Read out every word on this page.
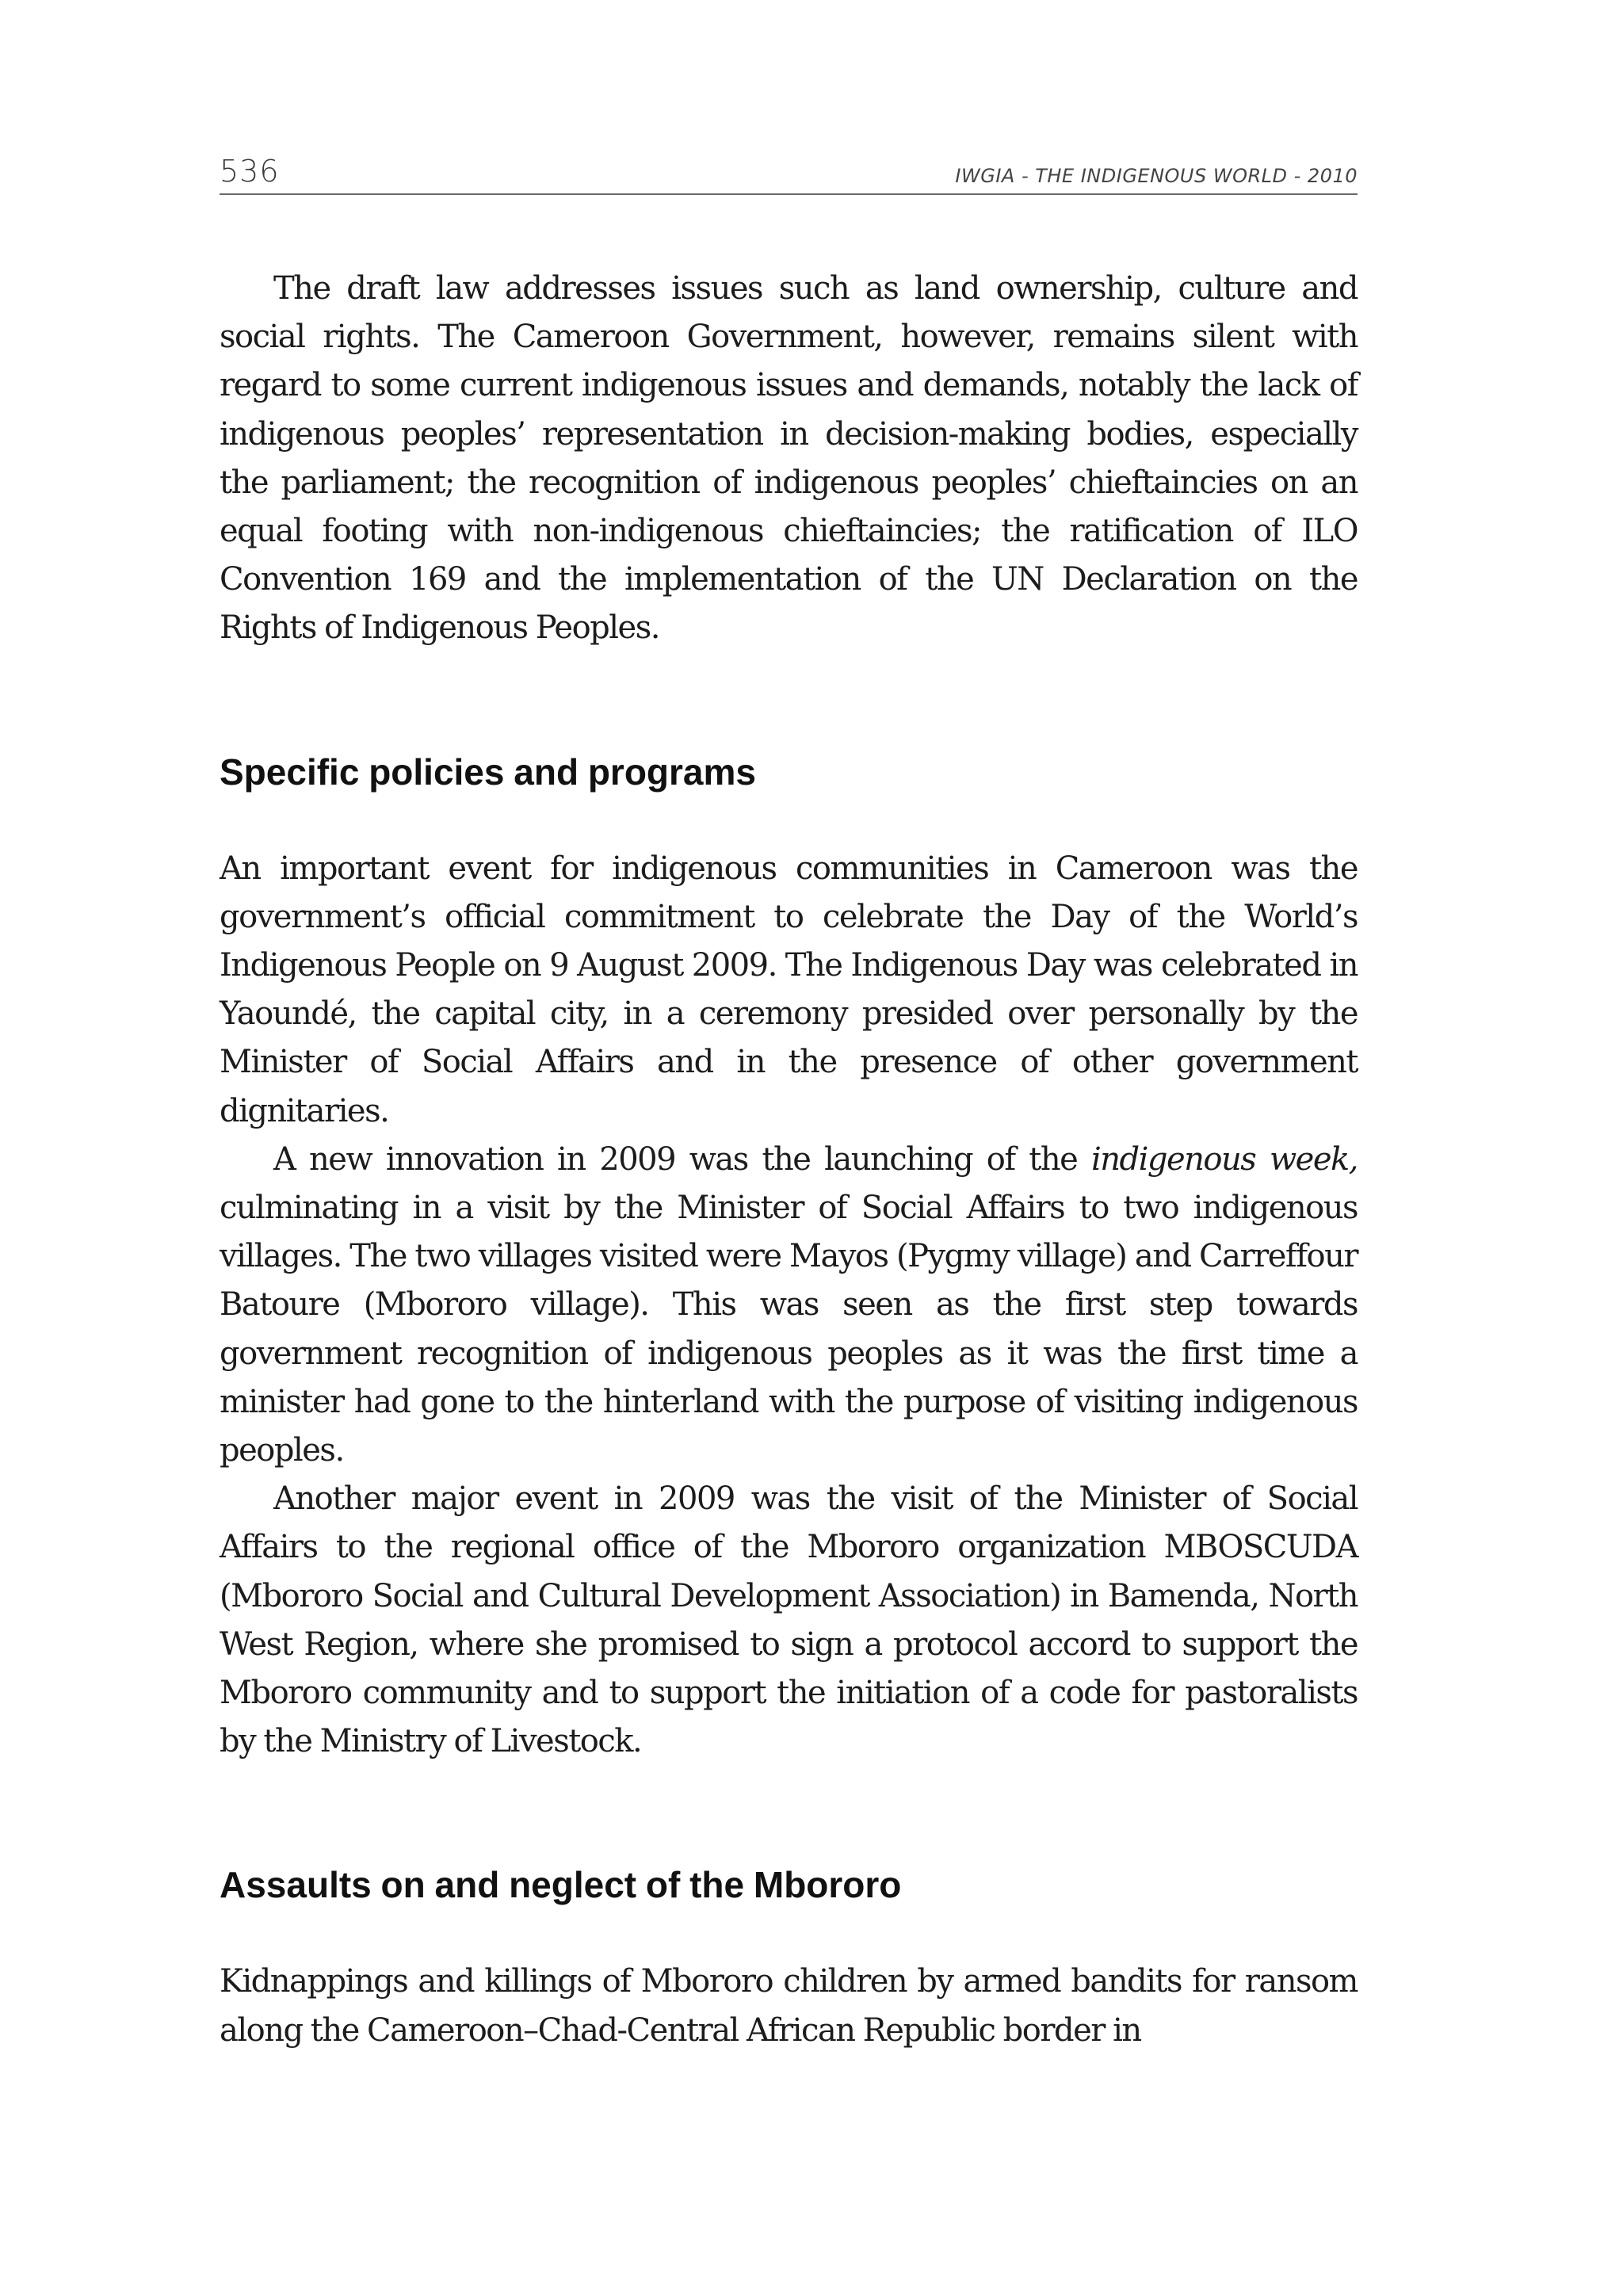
536	IWGIA - THE INDIGENOUS WORLD - 2010

The draft law addresses issues such as land ownership, culture and social rights. The Cameroon Government, however, remains silent with regard to some current indigenous issues and demands, notably the lack of indigenous peoples’ representation in decision-making bodies, especially the parliament; the recognition of indigenous peoples’ chieftaincies on an equal footing with non-indigenous chieftaincies; the ratification of ILO Convention 169 and the implementation of the UN Declaration on the Rights of Indigenous Peoples.

Specific policies and programs

An important event for indigenous communities in Cameroon was the government’s official commitment to celebrate the Day of the World’s Indigenous People on 9 August 2009. The Indigenous Day was celebrated in Yaoundé, the capital city, in a ceremony presided over personally by the Minister of Social Affairs and in the presence of other government dignitaries.

A new innovation in 2009 was the launching of the indigenous week, culminating in a visit by the Minister of Social Affairs to two indigenous villages. The two villages visited were Mayos (Pygmy village) and Carreffour Batoure (Mbororo village). This was seen as the first step towards government recognition of indigenous peoples as it was the first time a minister had gone to the hinterland with the purpose of visiting indigenous peoples.

Another major event in 2009 was the visit of the Minister of Social Affairs to the regional office of the Mbororo organization MBOSCUDA (Mbororo Social and Cultural Development Association) in Bamenda, North West Region, where she promised to sign a protocol accord to support the Mbororo community and to support the initiation of a code for pastoralists by the Ministry of Livestock.

Assaults on and neglect of the Mbororo

Kidnappings and killings of Mbororo children by armed bandits for ransom along the Cameroon–Chad-Central African Republic border in
